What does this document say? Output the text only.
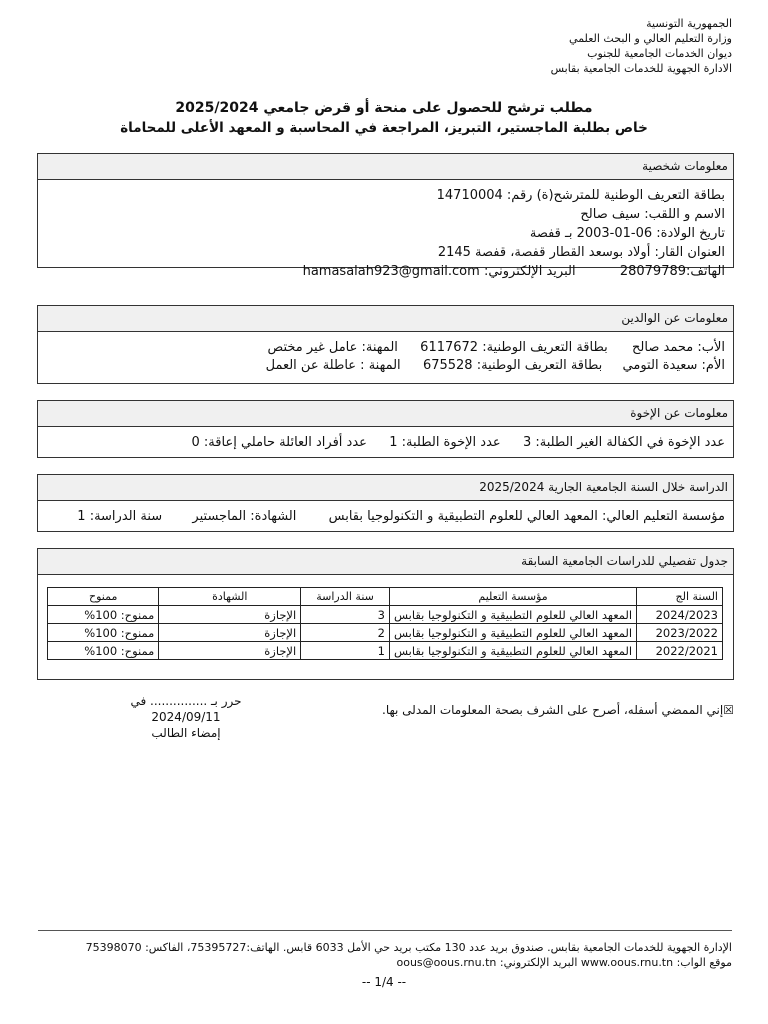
الجمهورية التونسية
وزارة التعليم العالي و البحث العلمي
ديوان الخدمات الجامعية للجنوب
الادارة الجهوية للخدمات الجامعية بقابس
مطلب ترشح للحصول على منحة أو قرض جامعي 2025/2024
خاص بطلبة الماجستير، التبريز، المراجعة في المحاسبة و المعهد الأعلى للمحاماة
معلومات شخصية
بطاقة التعريف الوطنية للمترشح(ة) رقم: 14710004
الاسم و اللقب: سيف صالح
تاريخ الولادة: 06-01-2003 بـ قفصة
العنوان القار: أولاد بوسعد القطار قفصة، قفصة 2145
الهاتف:28079789  البريد الإلكتروني: hamasalah923@gmail.com
معلومات عن الوالدين
الأب: محمد صالح  بطاقة التعريف الوطنية: 6117672  المهنة: عامل غير مختص
الأم: سعيدة التومي  بطاقة التعريف الوطنية: 675528  المهنة : عاطلة عن العمل
معلومات عن الإخوة
عدد الإخوة في الكفالة الغير الطلبة: 3  عدد الإخوة الطلبة: 1  عدد أفراد العائلة حاملي إعاقة: 0
الدراسة خلال السنة الجامعية الجارية 2025/2024
مؤسسة التعليم العالي: المعهد العالي للعلوم التطبيقية و التكنولوجيا بقابس  الشهادة: الماجستير  سنة الدراسة: 1
جدول تفصيلي للدراسات الجامعية السابقة
السنة الج	مؤسسة التعليم	سنة الدراسة	الشهادة	ممنوح
2024/2023	المعهد العالي للعلوم التطبيقية و التكنولوجيا بقابس	3	الإجازة	ممنوح: 100%
2023/2022	المعهد العالي للعلوم التطبيقية و التكنولوجيا بقابس	2	الإجازة	ممنوح: 100%
2022/2021	المعهد العالي للعلوم التطبيقية و التكنولوجيا بقابس	1	الإجازة	ممنوح: 100%
☒إني الممضي أسفله، أصرح على الشرف بصحة المعلومات المدلى بها.
حرر بـ ............... في 2024/09/11
إمضاء الطالب
الإدارة الجهوية للخدمات الجامعية بقابس. صندوق بريد عدد 130 مكتب بريد حي الأمل 6033 قابس. الهاتف:75395727، الفاكس: 75398070
موقع الواب: www.oous.rnu.tn البريد الإلكتروني: oous@oous.rnu.tn
-- 1/4 --
